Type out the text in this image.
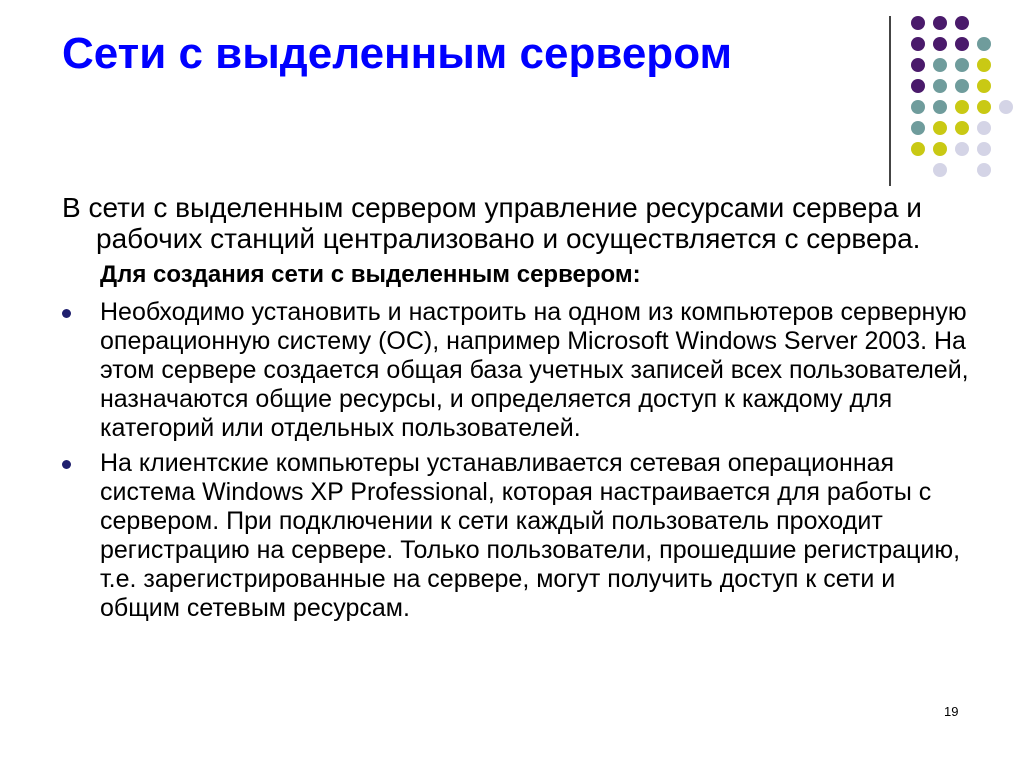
Сети с выделенным сервером

В сети с выделенным сервером управление ресурсами сервера и рабочих станций централизовано и осуществляется с сервера.

Для создания сети с выделенным сервером:

Необходимо установить и настроить на одном из компьютеров серверную операционную систему (ОС), например Microsoft Windows Server 2003. На этом сервере создается общая база учетных записей всех пользователей, назначаются общие ресурсы, и определяется доступ к каждому для категорий или отдельных пользователей.
На клиентские компьютеры устанавливается сетевая операционная система Windows XP Professional, которая настраивается для работы с сервером. При подключении к сети каждый пользователь проходит регистрацию на сервере. Только пользователи, прошедшие регистрацию, т.е. зарегистрированные на сервере, могут получить доступ к сети и общим сетевым ресурсам.
19
